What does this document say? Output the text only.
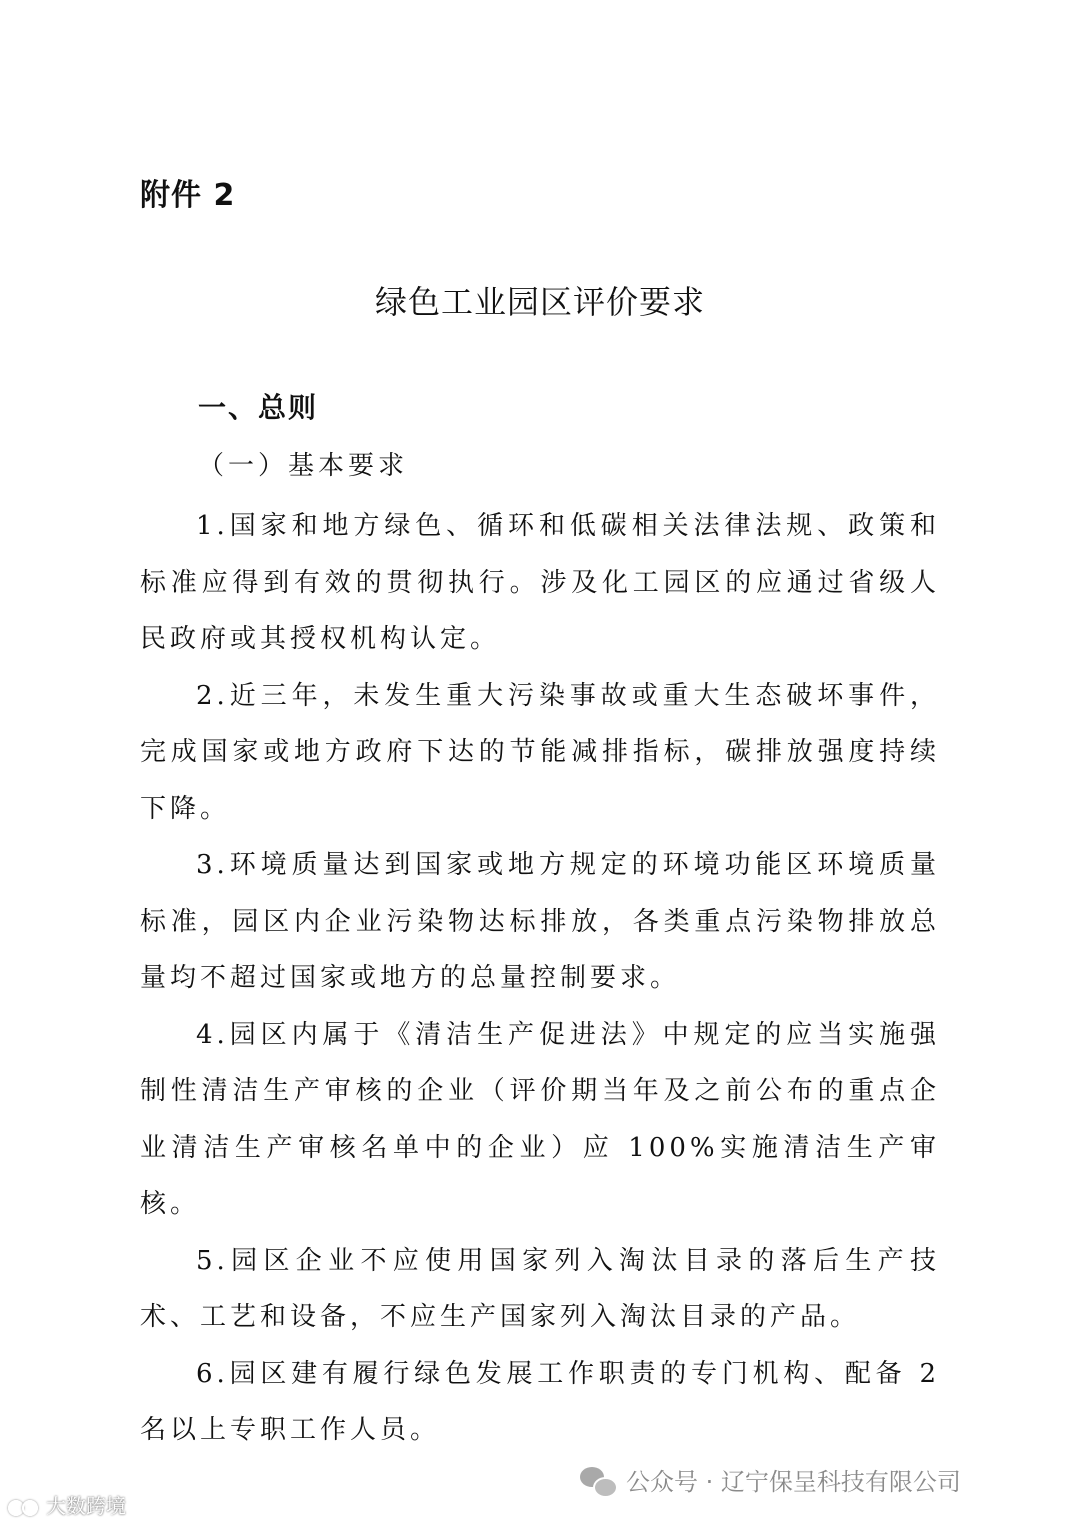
附件 2
绿色工业园区评价要求
一、总则
（一）基本要求

1.国家和地方绿色、循环和低碳相关法律法规、政策和标准应得到有效的贯彻执行。涉及化工园区的应通过省级人民政府或其授权机构认定。

2.近三年，未发生重大污染事故或重大生态破坏事件，完成国家或地方政府下达的节能减排指标，碳排放强度持续下降。

3.环境质量达到国家或地方规定的环境功能区环境质量标准，园区内企业污染物达标排放，各类重点污染物排放总量均不超过国家或地方的总量控制要求。

4.园区内属于《清洁生产促进法》中规定的应当实施强制性清洁生产审核的企业（评价期当年及之前公布的重点企业清洁生产审核名单中的企业）应 100%实施清洁生产审核。

5.园区企业不应使用国家列入淘汰目录的落后生产技术、工艺和设备，不应生产国家列入淘汰目录的产品。

6.园区建有履行绿色发展工作职责的专门机构、配备 2 名以上专职工作人员。

公众号 · 辽宁保呈科技有限公司
大数跨境
